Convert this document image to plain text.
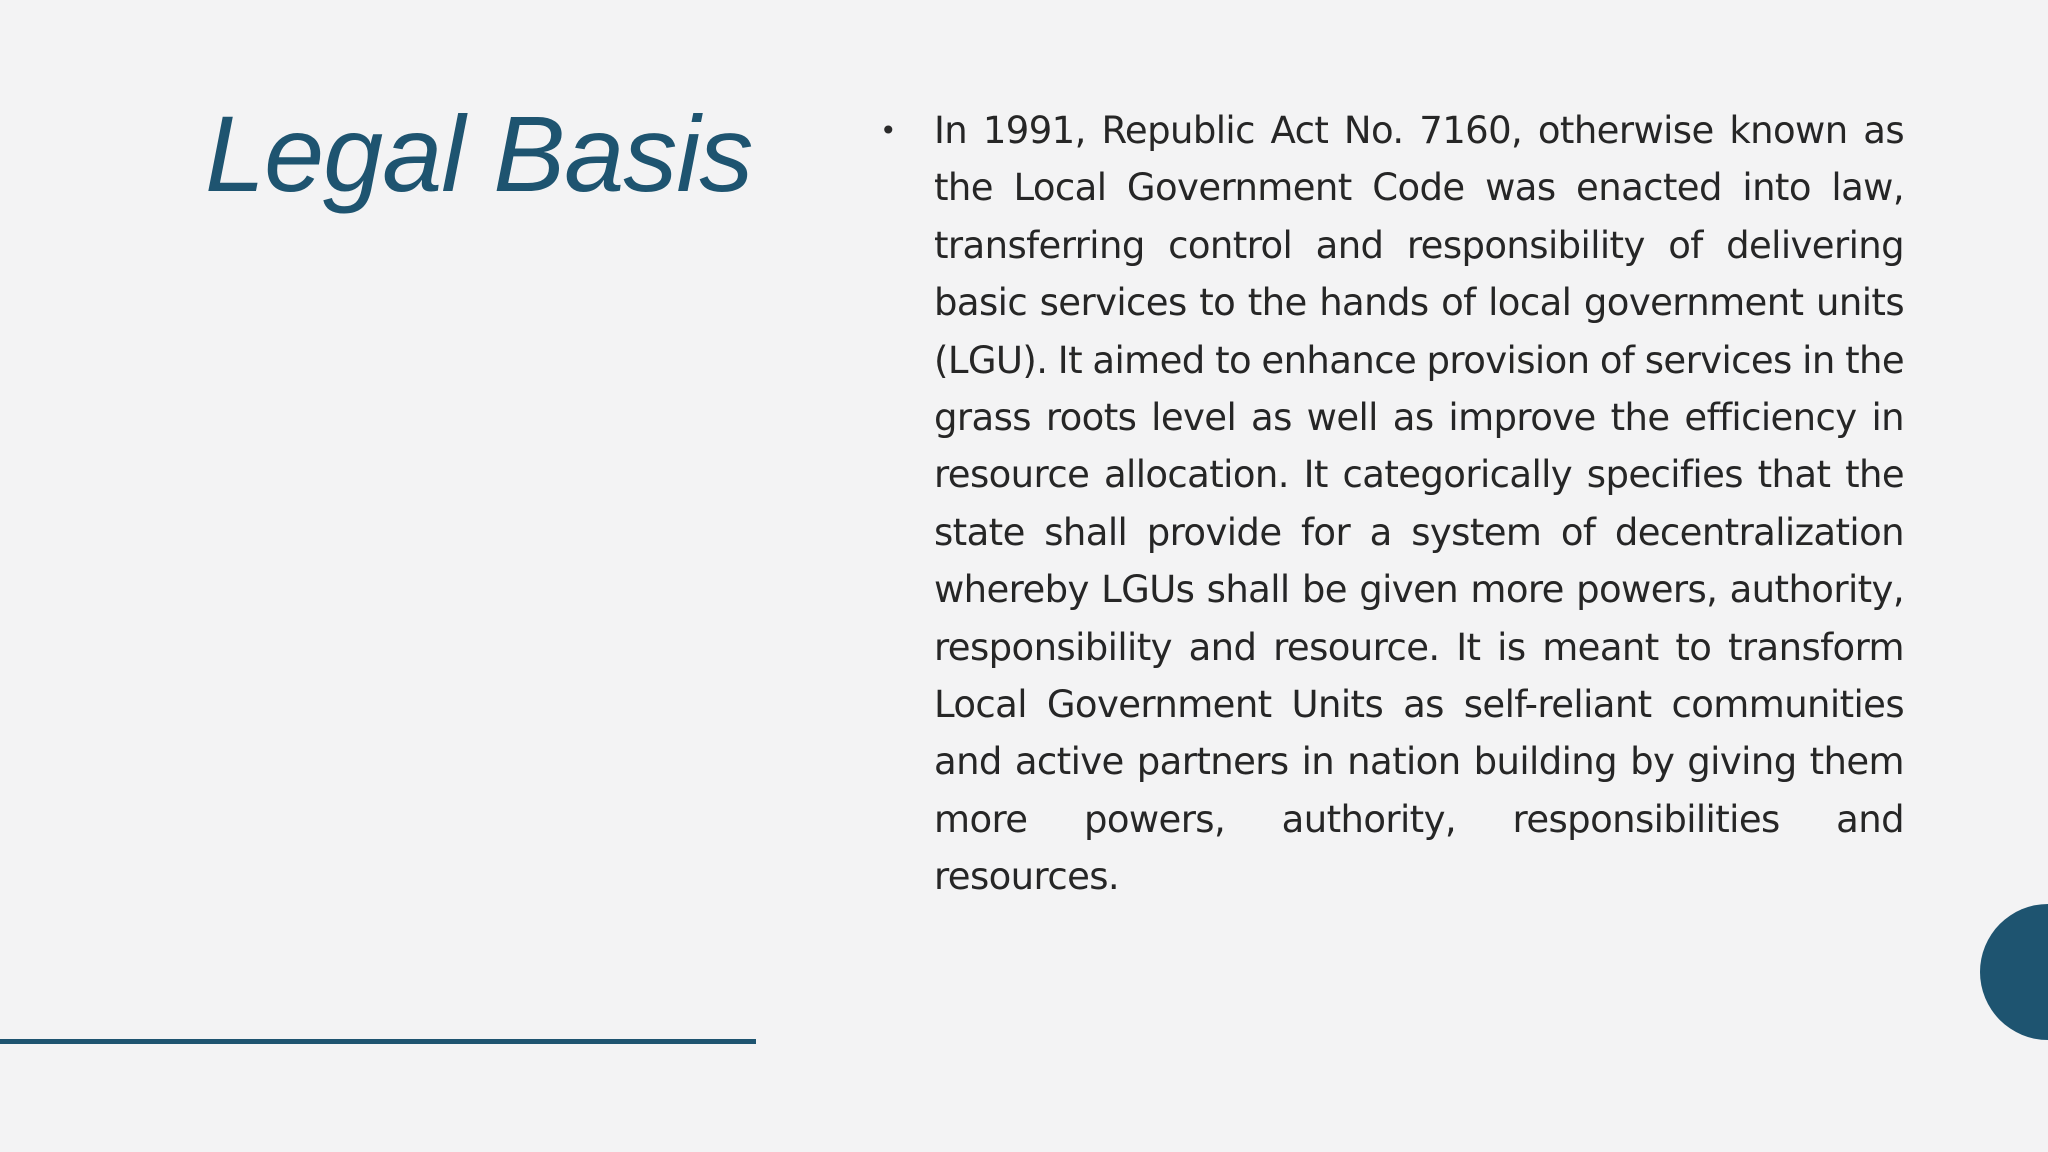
Legal Basis	• In 1991, Republic Act No. 7160, otherwise known as the Local Government Code was enacted into law, transferring control and responsibility of delivering basic services to the hands of local government units (LGU). It aimed to enhance provision of services in the grass roots level as well as improve the efficiency in resource allocation. It categorically specifies that the state shall provide for a system of decentralization whereby LGUs shall be given more powers, authority, responsibility and resource. It is meant to transform Local Government Units as self-reliant communities and active partners in nation building by giving them more powers, authority, responsibilities and resources.
